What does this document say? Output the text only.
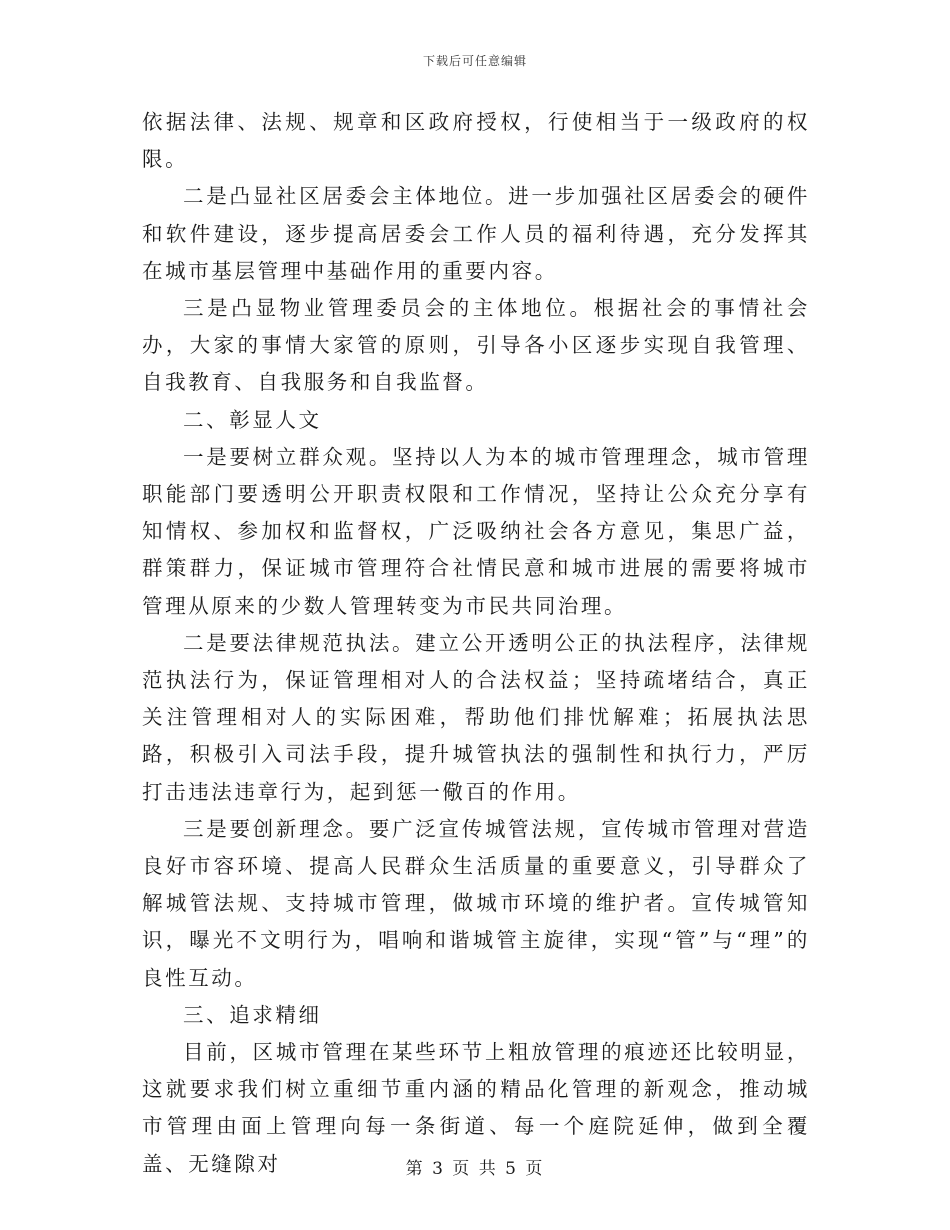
下载后可任意编辑

依据法律、法规、规章和区政府授权，行使相当于一级政府的权限。

二是凸显社区居委会主体地位。进一步加强社区居委会的硬件和软件建设，逐步提高居委会工作人员的福利待遇，充分发挥其在城市基层管理中基础作用的重要内容。

三是凸显物业管理委员会的主体地位。根据社会的事情社会办，大家的事情大家管的原则，引导各小区逐步实现自我管理、自我教育、自我服务和自我监督。

二、彰显人文

一是要树立群众观。坚持以人为本的城市管理理念，城市管理职能部门要透明公开职责权限和工作情况，坚持让公众充分享有知情权、参加权和监督权，广泛吸纳社会各方意见，集思广益，群策群力，保证城市管理符合社情民意和城市进展的需要将城市管理从原来的少数人管理转变为市民共同治理。

二是要法律规范执法。建立公开透明公正的执法程序，法律规范执法行为，保证管理相对人的合法权益；坚持疏堵结合，真正关注管理相对人的实际困难，帮助他们排忧解难；拓展执法思路，积极引入司法手段，提升城管执法的强制性和执行力，严厉打击违法违章行为，起到惩一儆百的作用。

三是要创新理念。要广泛宣传城管法规，宣传城市管理对营造良好市容环境、提高人民群众生活质量的重要意义，引导群众了解城管法规、支持城市管理，做城市环境的维护者。宣传城管知识，曝光不文明行为，唱响和谐城管主旋律，实现“管”与“理”的良性互动。

三、追求精细

目前，区城市管理在某些环节上粗放管理的痕迹还比较明显，这就要求我们树立重细节重内涵的精品化管理的新观念，推动城市管理由面上管理向每一条街道、每一个庭院延伸，做到全覆盖、无缝隙对	第 3 页 共 5 页
